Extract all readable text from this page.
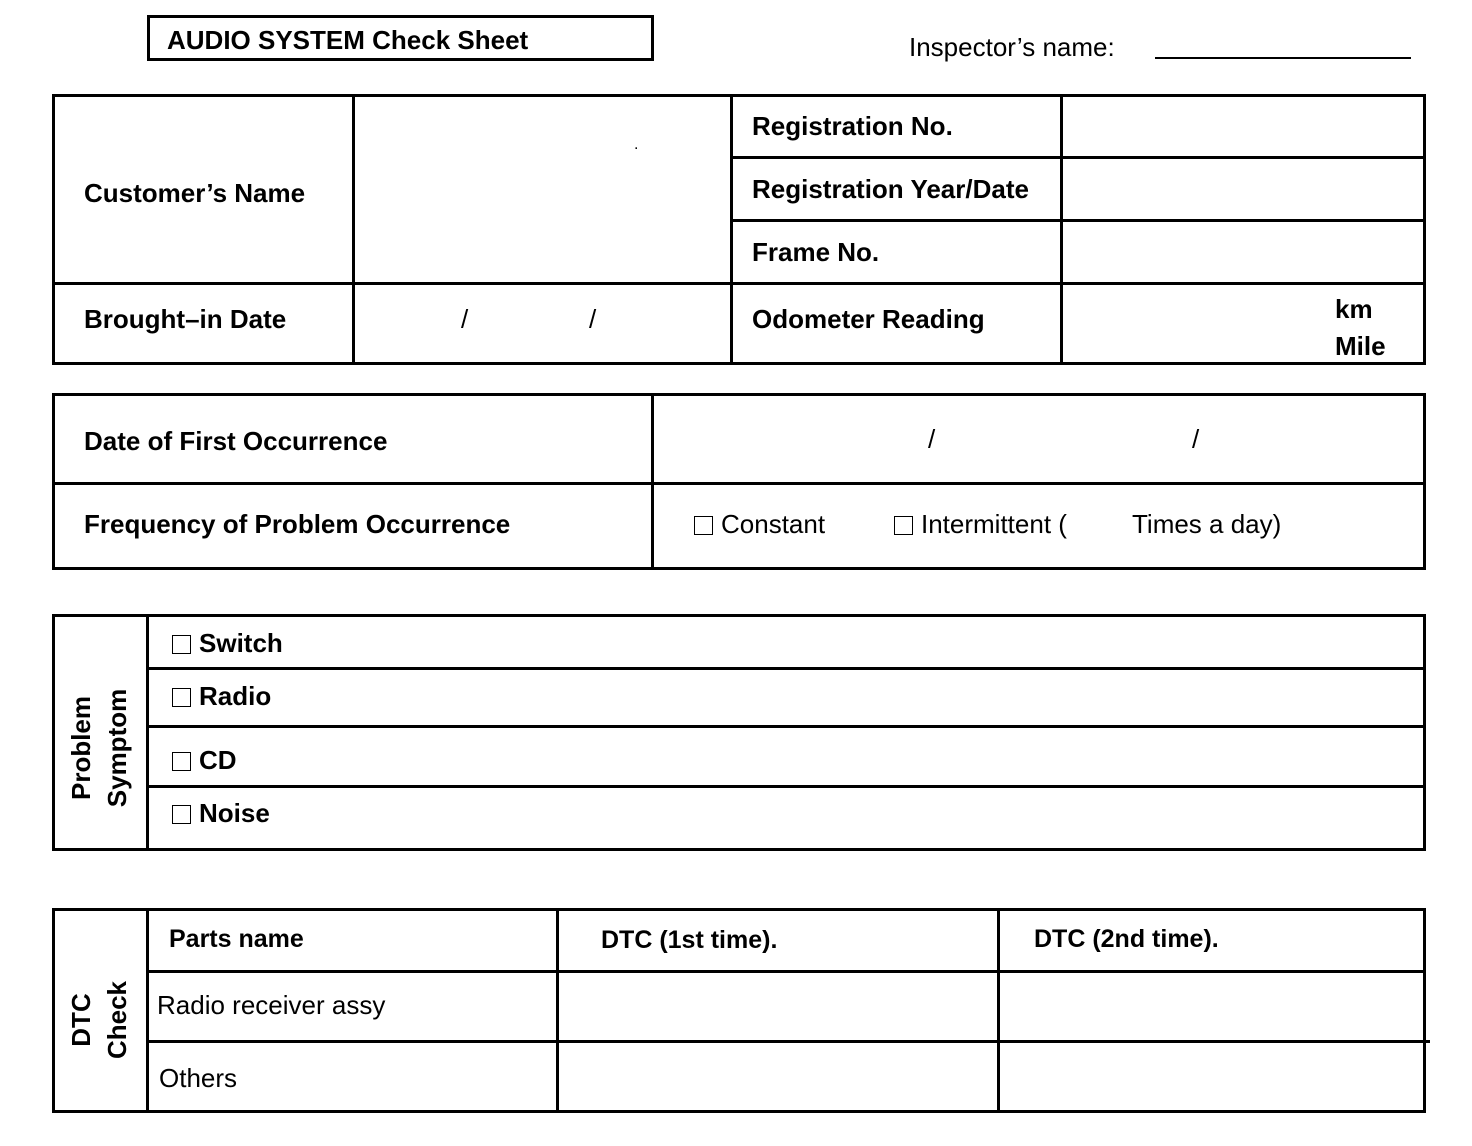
AUDIO SYSTEM Check Sheet	Inspector’s name:
Customer’s Name
.
Registration No.
Registration Year/Date
Frame No.
Brought–in Date	/	/	Odometer Reading	km
Mile
Date of First Occurrence	/	/
Frequency of Problem Occurrence	Constant	Intermittent (	Times a day)
Problem Symptom
Switch
Radio
CD
Noise
DTC Check
Parts name	DTC (1st time).	DTC (2nd time).
Radio receiver assy
Others
